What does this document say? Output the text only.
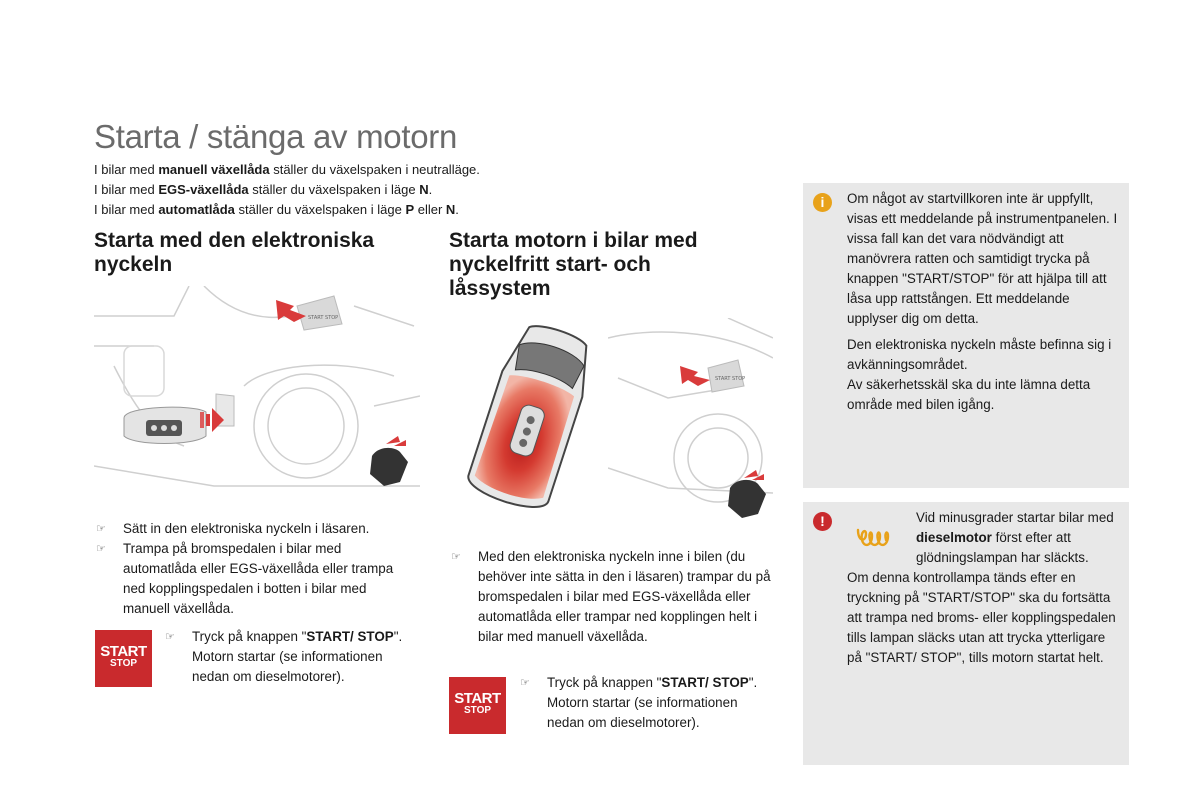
Starta / stänga av motorn
I bilar med manuell växellåda ställer du växelspaken i neutralläge.
I bilar med EGS-växellåda ställer du växelspaken i läge N.
I bilar med automatlåda ställer du växelspaken i läge P eller N.
Starta med den elektroniska
nyckeln
START STOP
☞ Sätt in den elektroniska nyckeln i läsaren.
☞ Trampa på bromspedalen i bilar med automatlåda eller EGS-växellåda eller trampa ned kopplingspedalen i botten i bilar med manuell växellåda.
START
STOP
☞	Tryck på knappen "START/ STOP".
Motorn startar (se informationen nedan om dieselmotorer).
Starta motorn i bilar med
nyckelfritt start- och
låssystem
START STOP
☞ Med den elektroniska nyckeln inne i bilen (du behöver inte sätta in den i läsaren) trampar du på bromspedalen i bilar med EGS-växellåda eller automatlåda eller trampar ned kopplingen helt i bilar med manuell växellåda.
START
STOP
☞	Tryck på knappen "START/ STOP".
Motorn startar (se informationen nedan om dieselmotorer).
i	Om något av startvillkoren inte är uppfyllt, visas ett meddelande på instrumentpanelen. I vissa fall kan det vara nödvändigt att manövrera ratten och samtidigt trycka på knappen "START/STOP" för att hjälpa till att låsa upp rattstången. Ett meddelande upplyser dig om detta.

Den elektroniska nyckeln måste befinna sig i avkänningsområdet.

Av säkerhetsskäl ska du inte lämna detta område med bilen igång.

!	Vid minusgrader startar bilar med dieselmotor först efter att glödningslampan har släckts.

Om denna kontrollampa tänds efter en tryckning på "START/STOP" ska du fortsätta att trampa ned broms- eller kopplingspedalen tills lampan släcks utan att trycka ytterligare på "START/ STOP", tills motorn startat helt.
